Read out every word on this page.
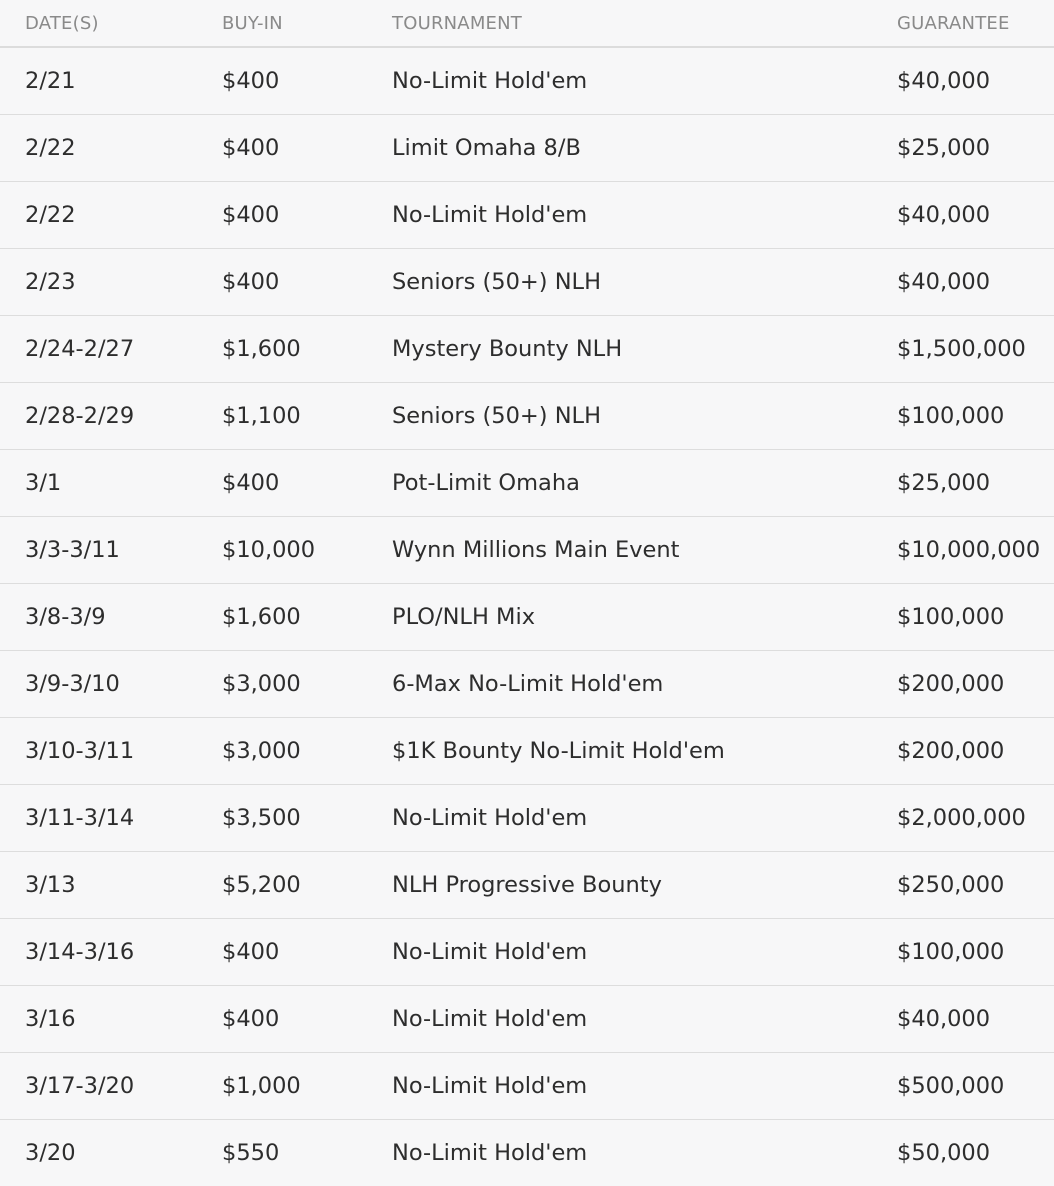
DATE(S)	BUY-IN	TOURNAMENT	GUARANTEE
2/21	$400	No-Limit Hold'em	$40,000
2/22	$400	Limit Omaha 8/B	$25,000
2/22	$400	No-Limit Hold'em	$40,000
2/23	$400	Seniors (50+) NLH	$40,000
2/24-2/27	$1,600	Mystery Bounty NLH	$1,500,000
2/28-2/29	$1,100	Seniors (50+) NLH	$100,000
3/1	$400	Pot-Limit Omaha	$25,000
3/3-3/11	$10,000	Wynn Millions Main Event	$10,000,000
3/8-3/9	$1,600	PLO/NLH Mix	$100,000
3/9-3/10	$3,000	6-Max No-Limit Hold'em	$200,000
3/10-3/11	$3,000	$1K Bounty No-Limit Hold'em	$200,000
3/11-3/14	$3,500	No-Limit Hold'em	$2,000,000
3/13	$5,200	NLH Progressive Bounty	$250,000
3/14-3/16	$400	No-Limit Hold'em	$100,000
3/16	$400	No-Limit Hold'em	$40,000
3/17-3/20	$1,000	No-Limit Hold'em	$500,000
3/20	$550	No-Limit Hold'em	$50,000
